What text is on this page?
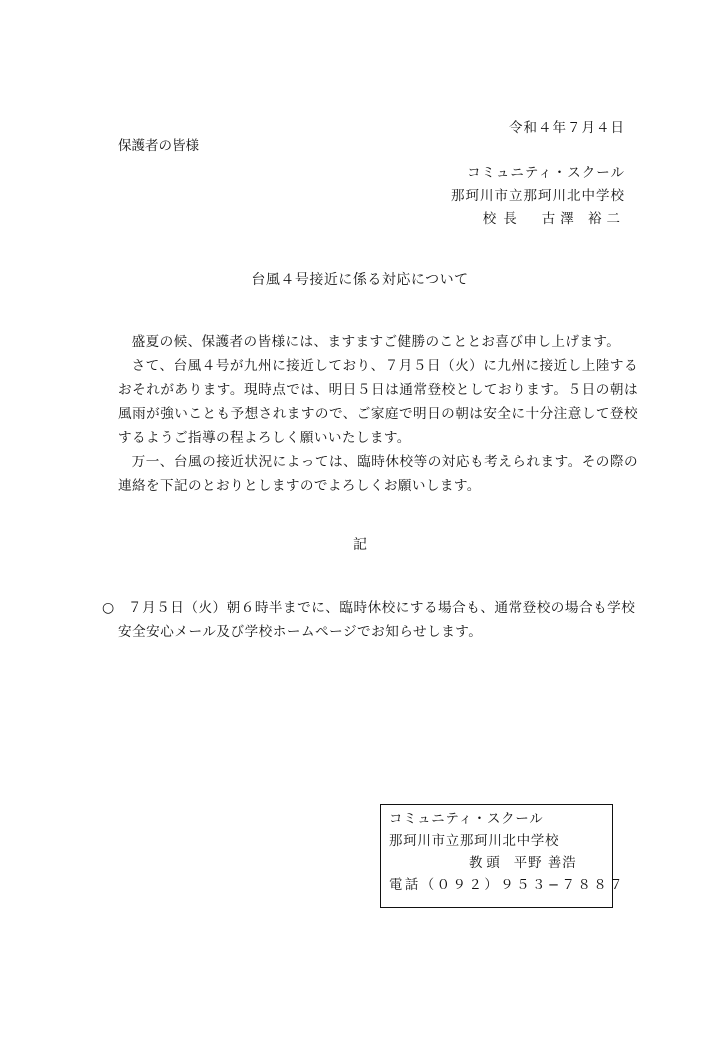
令和４年７月４日
保護者の皆様
コミュニティ・スクール
那珂川市立那珂川北中学校
校長 古澤 裕二
台風４号接近に係る対応について

盛夏の候、保護者の皆様には、ますますご健勝のこととお喜び申し上げます。

さて、台風４号が九州に接近しており、７月５日（火）に九州に接近し上陸するおそれがあります。現時点では、明日５日は通常登校としております。５日の朝は風雨が強いことも予想されますので、ご家庭で明日の朝は安全に十分注意して登校するようご指導の程よろしく願いいたします。

万一、台風の接近状況によっては、臨時休校等の対応も考えられます。その際の連絡を下記のとおりとしますのでよろしくお願いします。

記
○ ７月５日（火）朝６時半までに、臨時休校にする場合も、通常登校の場合も学校
安全安心メール及び学校ホームページでお知らせします。
コミュニティ・スクール
那珂川市立那珂川北中学校
教頭 平野 善浩
電話（０９２）９５３−７８８７
